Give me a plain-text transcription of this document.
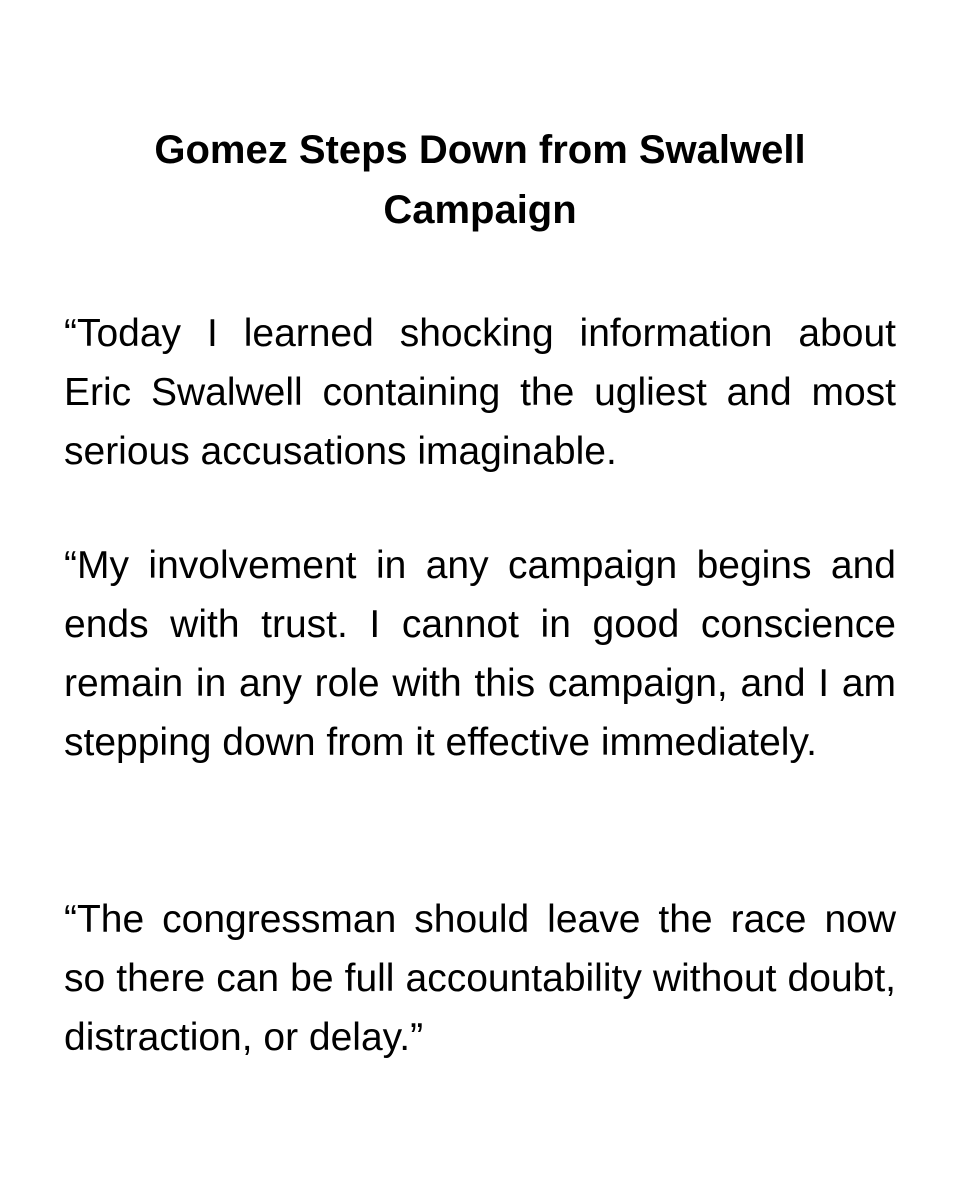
Gomez Steps Down from Swalwell Campaign

“Today I learned shocking information about Eric Swalwell containing the ugliest and most serious accusations imaginable.

“My involvement in any campaign begins and ends with trust. I cannot in good conscience remain in any role with this campaign, and I am stepping down from it effective immediately.

“The congressman should leave the race now so there can be full accountability without doubt, distraction, or delay.”
